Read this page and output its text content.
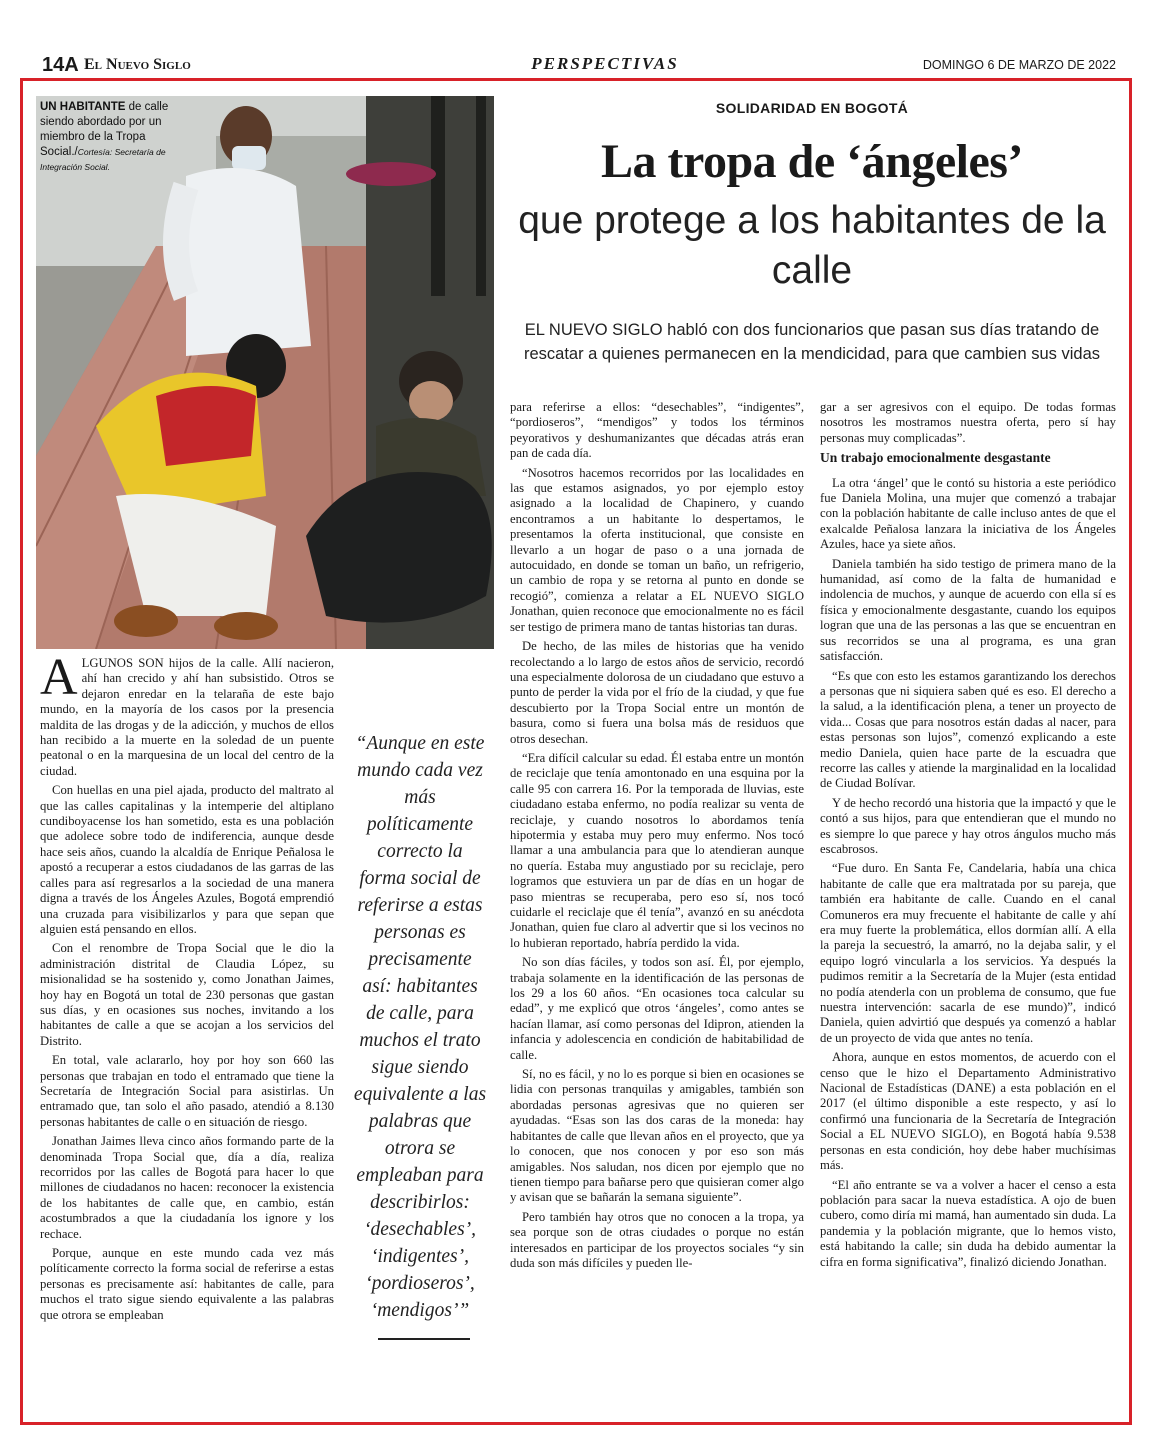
14A El Nuevo Siglo	PERSPECTIVAS	DOMINGO 6 DE MARZO DE 2022
UN HABITANTE de calle siendo abordado por un miembro de la Tropa Social./Cortesía: Secretaría de Integración Social.
SOLIDARIDAD EN BOGOTÁ
La tropa de ‘ángeles’
que protege a los habitantes de la calle
EL NUEVO SIGLO habló con dos funcionarios que pasan sus días tratando de rescatar a quienes permanecen en la mendicidad, para que cambien sus vidas

ALGUNOS SON hijos de la calle. Allí nacieron, ahí han crecido y ahí han subsistido. Otros se dejaron enredar en la telaraña de este bajo mundo, en la mayoría de los casos por la presencia maldita de las drogas y de la adicción, y muchos de ellos han recibido a la muerte en la soledad de un puente peatonal o en la marquesina de un local del centro de la ciudad.

Con huellas en una piel ajada, producto del maltrato al que las calles capitalinas y la intemperie del altiplano cundiboyacense los han sometido, esta es una población que adolece sobre todo de indiferencia, aunque desde hace seis años, cuando la alcaldía de Enrique Peñalosa le apostó a recuperar a estos ciudadanos de las garras de las calles para así regresarlos a la sociedad de una manera digna a través de los Ángeles Azules, Bogotá emprendió una cruzada para visibilizarlos y para que sepan que alguien está pensando en ellos.

Con el renombre de Tropa Social que le dio la administración distrital de Claudia López, su misionalidad se ha sostenido y, como Jonathan Jaimes, hoy hay en Bogotá un total de 230 personas que gastan sus días, y en ocasiones sus noches, invitando a los habitantes de calle a que se acojan a los servicios del Distrito.

En total, vale aclararlo, hoy por hoy son 660 las personas que trabajan en todo el entramado que tiene la Secretaría de Integración Social para asistirlas. Un entramado que, tan solo el año pasado, atendió a 8.130 personas habitantes de calle o en situación de riesgo.

Jonathan Jaimes lleva cinco años formando parte de la denominada Tropa Social que, día a día, realiza recorridos por las calles de Bogotá para hacer lo que millones de ciudadanos no hacen: reconocer la existencia de los habitantes de calle que, en cambio, están acostumbrados a que la ciudadanía los ignore y los rechace.

Porque, aunque en este mundo cada vez más políticamente correcto la forma social de referirse a estas personas es precisamente así: habitantes de calle, para muchos el trato sigue siendo equivalente a las palabras que otrora se empleaban

“Aunque en este mundo cada vez más políticamente correcto la forma social de referirse a estas personas es precisamente así: habitantes de calle, para muchos el trato sigue siendo equivalente a las palabras que otrora se empleaban para describirlos: ‘desechables’, ‘indigentes’, ‘pordioseros’, ‘mendigos’”

para referirse a ellos: “desechables”, “indigentes”, “pordioseros”, “mendigos” y todos los términos peyorativos y deshumanizantes que décadas atrás eran pan de cada día.

“Nosotros hacemos recorridos por las localidades en las que estamos asignados, yo por ejemplo estoy asignado a la localidad de Chapinero, y cuando encontramos a un habitante lo despertamos, le presentamos la oferta institucional, que consiste en llevarlo a un hogar de paso o a una jornada de autocuidado, en donde se toman un baño, un refrigerio, un cambio de ropa y se retorna al punto en donde se recogió”, comienza a relatar a EL NUEVO SIGLO Jonathan, quien reconoce que emocionalmente no es fácil ser testigo de primera mano de tantas historias tan duras.

De hecho, de las miles de historias que ha venido recolectando a lo largo de estos años de servicio, recordó una especialmente dolorosa de un ciudadano que estuvo a punto de perder la vida por el frío de la ciudad, y que fue descubierto por la Tropa Social entre un montón de basura, como si fuera una bolsa más de residuos que otros desechan.

“Era difícil calcular su edad. Él estaba entre un montón de reciclaje que tenía amontonado en una esquina por la calle 95 con carrera 16. Por la temporada de lluvias, este ciudadano estaba enfermo, no podía realizar su venta de reciclaje, y cuando nosotros lo abordamos tenía hipotermia y estaba muy pero muy enfermo. Nos tocó llamar a una ambulancia para que lo atendieran aunque no quería. Estaba muy angustiado por su reciclaje, pero logramos que estuviera un par de días en un hogar de paso mientras se recuperaba, pero eso sí, nos tocó cuidarle el reciclaje que él tenía”, avanzó en su anécdota Jonathan, quien fue claro al advertir que si los vecinos no lo hubieran reportado, habría perdido la vida.

No son días fáciles, y todos son así. Él, por ejemplo, trabaja solamente en la identificación de las personas de los 29 a los 60 años. “En ocasiones toca calcular su edad”, y me explicó que otros ‘ángeles’, como antes se hacían llamar, así como personas del Idipron, atienden la infancia y adolescencia en condición de habitabilidad de calle.

Sí, no es fácil, y no lo es porque si bien en ocasiones se lidia con personas tranquilas y amigables, también son abordadas personas agresivas que no quieren ser ayudadas. “Esas son las dos caras de la moneda: hay habitantes de calle que llevan años en el proyecto, que ya lo conocen, que nos conocen y por eso son más amigables. Nos saludan, nos dicen por ejemplo que no tienen tiempo para bañarse pero que quisieran comer algo y avisan que se bañarán la semana siguiente”.

Pero también hay otros que no conocen a la tropa, ya sea porque son de otras ciudades o porque no están interesados en participar de los proyectos sociales “y sin duda son más difíciles y pueden lle-

gar a ser agresivos con el equipo. De todas formas nosotros les mostramos nuestra oferta, pero sí hay personas muy complicadas”.

Un trabajo emocionalmente desgastante

La otra ‘ángel’ que le contó su historia a este periódico fue Daniela Molina, una mujer que comenzó a trabajar con la población habitante de calle incluso antes de que el exalcalde Peñalosa lanzara la iniciativa de los Ángeles Azules, hace ya siete años.

Daniela también ha sido testigo de primera mano de la humanidad, así como de la falta de humanidad e indolencia de muchos, y aunque de acuerdo con ella sí es física y emocionalmente desgastante, cuando los equipos logran que una de las personas a las que se encuentran en sus recorridos se una al programa, es una gran satisfacción.

“Es que con esto les estamos garantizando los derechos a personas que ni siquiera saben qué es eso. El derecho a la salud, a la identificación plena, a tener un proyecto de vida... Cosas que para nosotros están dadas al nacer, para estas personas son lujos”, comenzó explicando a este medio Daniela, quien hace parte de la escuadra que recorre las calles y atiende la marginalidad en la localidad de Ciudad Bolívar.

Y de hecho recordó una historia que la impactó y que le contó a sus hijos, para que entendieran que el mundo no es siempre lo que parece y hay otros ángulos mucho más escabrosos.

“Fue duro. En Santa Fe, Candelaria, había una chica habitante de calle que era maltratada por su pareja, que también era habitante de calle. Cuando en el canal Comuneros era muy frecuente el habitante de calle y ahí era muy fuerte la problemática, ellos dormían allí. A ella la pareja la secuestró, la amarró, no la dejaba salir, y el equipo logró vincularla a los servicios. Ya después la pudimos remitir a la Secretaría de la Mujer (esta entidad no podía atenderla con un problema de consumo, que fue nuestra intervención: sacarla de ese mundo)”, indicó Daniela, quien advirtió que después ya comenzó a hablar de un proyecto de vida que antes no tenía.

Ahora, aunque en estos momentos, de acuerdo con el censo que le hizo el Departamento Administrativo Nacional de Estadísticas (DANE) a esta población en el 2017 (el último disponible a este respecto, y así lo confirmó una funcionaria de la Secretaría de Integración Social a EL NUEVO SIGLO), en Bogotá había 9.538 personas en esta condición, hoy debe haber muchísimas más.

“El año entrante se va a volver a hacer el censo a esta población para sacar la nueva estadística. A ojo de buen cubero, como diría mi mamá, han aumentado sin duda. La pandemia y la población migrante, que lo hemos visto, está habitando la calle; sin duda ha debido aumentar la cifra en forma significativa”, finalizó diciendo Jonathan.
